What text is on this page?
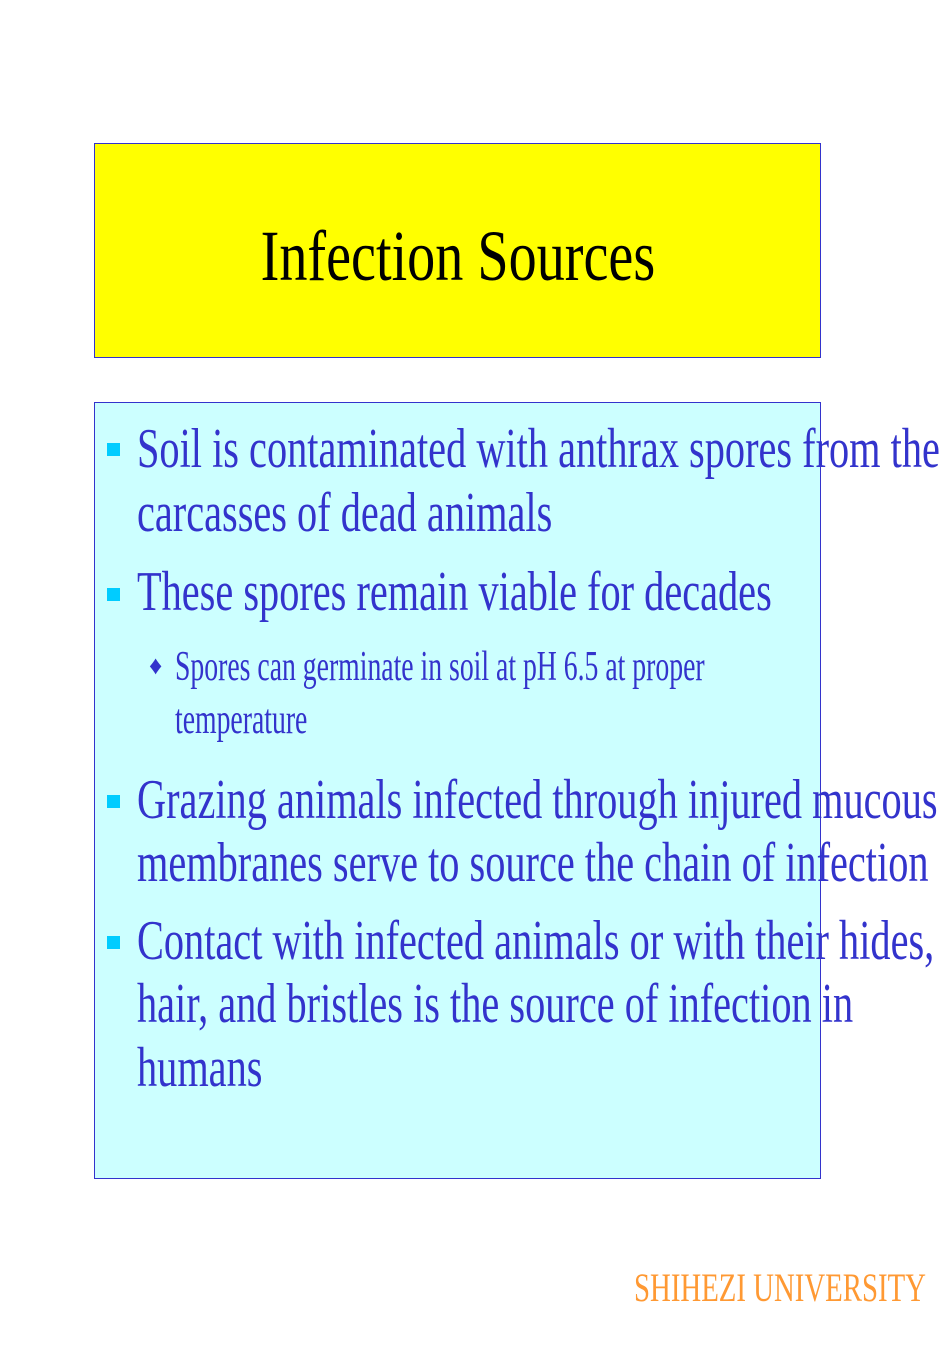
Infection Sources
Soil is contaminated with anthrax spores from the
carcasses of dead animals
These spores remain viable for decades
♦ Spores can germinate in soil at pH 6.5 at proper
temperature
Grazing animals infected through injured mucous
membranes serve to source the chain of infection
Contact with infected animals or with their hides,
hair, and bristles is the source of infection in
humans
SHIHEZI UNIVERSITY
